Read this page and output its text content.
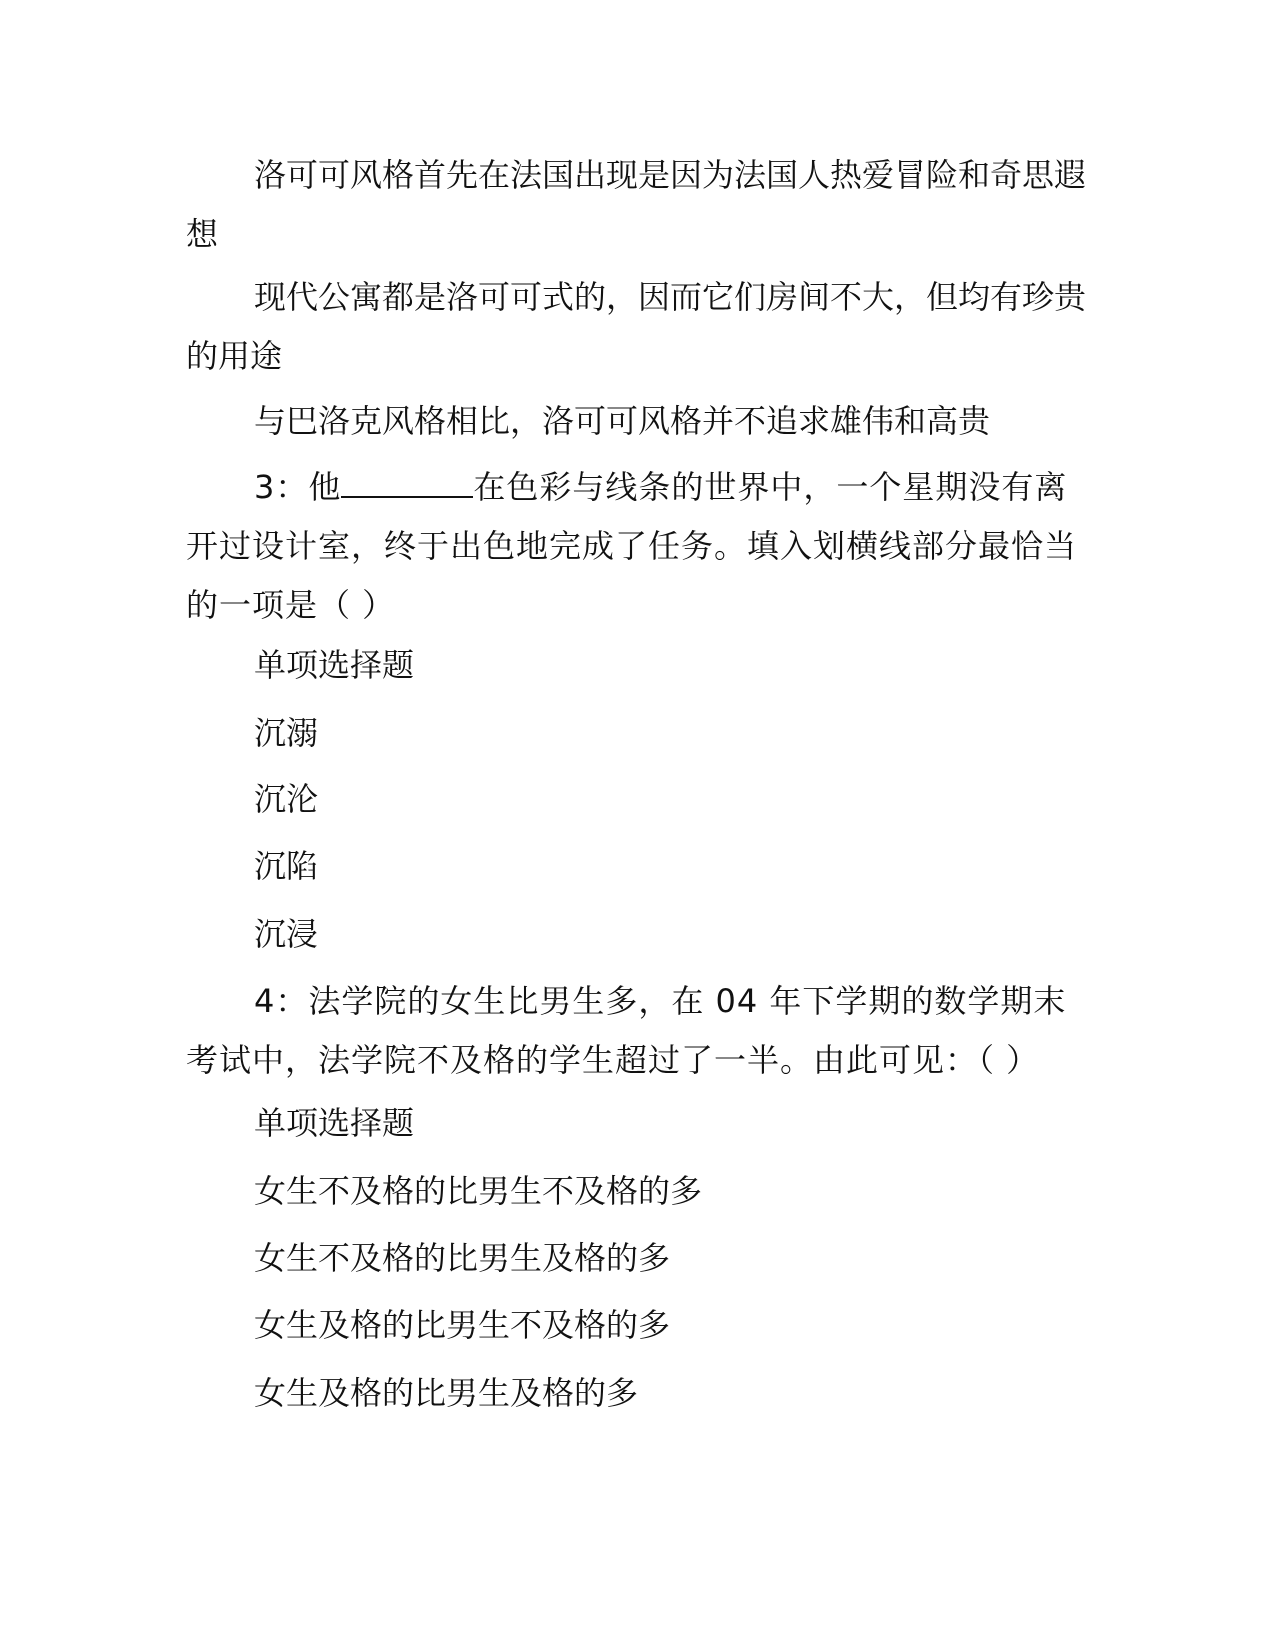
洛可可风格首先在法国出现是因为法国人热爱冒险和奇思遐想

现代公寓都是洛可可式的，因而它们房间不大，但均有珍贵的用途

与巴洛克风格相比，洛可可风格并不追求雄伟和高贵

3：他	在色彩与线条的世界中，一个星期没有离开过设计室，终于出色地完成了任务。填入划横线部分最恰当的一项是（ ）

单项选择题

沉溺

沉沦

沉陷

沉浸

4：法学院的女生比男生多，在 04 年下学期的数学期末考试中，法学院不及格的学生超过了一半。由此可见：（ ）

单项选择题

女生不及格的比男生不及格的多

女生不及格的比男生及格的多

女生及格的比男生不及格的多

女生及格的比男生及格的多
